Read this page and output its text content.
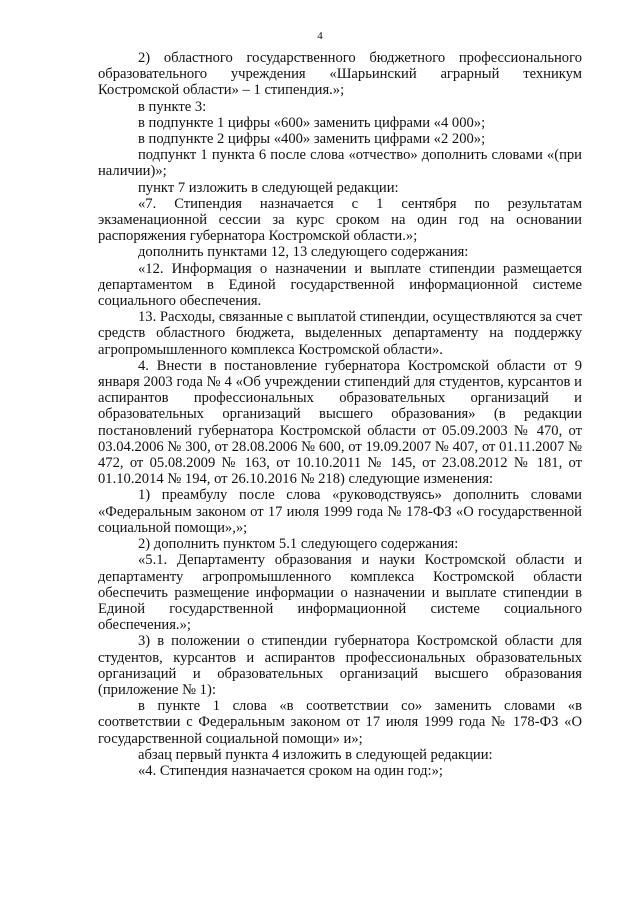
4

2) областного государственного бюджетного профессионального образовательного учреждения «Шарьинский аграрный техникум Костромской области» – 1 стипендия.»;

в пункте 3:

в подпункте 1 цифры «600» заменить цифрами «4 000»;

в подпункте 2 цифры «400» заменить цифрами «2 200»;

подпункт 1 пункта 6 после слова «отчество» дополнить словами «(при наличии)»;

пункт 7 изложить в следующей редакции:

«7. Стипендия назначается с 1 сентября по результатам экзаменационной сессии за курс сроком на один год на основании распоряжения губернатора Костромской области.»;

дополнить пунктами 12, 13 следующего содержания:

«12. Информация о назначении и выплате стипендии размещается департаментом в Единой государственной информационной системе социального обеспечения.

13. Расходы, связанные с выплатой стипендии, осуществляются за счет средств областного бюджета, выделенных департаменту на поддержку агропромышленного комплекса Костромской области».

4. Внести в постановление губернатора Костромской области от 9 января 2003 года № 4 «Об учреждении стипендий для студентов, курсантов и аспирантов профессиональных образовательных организаций и образовательных организаций высшего образования» (в редакции постановлений губернатора Костромской области от 05.09.2003 № 470, от 03.04.2006 № 300, от 28.08.2006 № 600, от 19.09.2007 № 407, от 01.11.2007 № 472, от 05.08.2009 № 163, от 10.10.2011 № 145, от 23.08.2012 № 181, от 01.10.2014 № 194, от 26.10.2016 № 218) следующие изменения:

1) преамбулу после слова «руководствуясь» дополнить словами «Федеральным законом от 17 июля 1999 года № 178-ФЗ «О государственной социальной помощи»,»;

2) дополнить пунктом 5.1 следующего содержания:

«5.1. Департаменту образования и науки Костромской области и департаменту агропромышленного комплекса Костромской области обеспечить размещение информации о назначении и выплате стипендии в Единой государственной информационной системе социального обеспечения.»;

3) в положении о стипендии губернатора Костромской области для студентов, курсантов и аспирантов профессиональных образовательных организаций и образовательных организаций высшего образования (приложение № 1):

в пункте 1 слова «в соответствии со» заменить словами «в соответствии с Федеральным законом от 17 июля 1999 года № 178-ФЗ «О государственной социальной помощи» и»;

абзац первый пункта 4 изложить в следующей редакции:

«4. Стипендия назначается сроком на один год:»;
